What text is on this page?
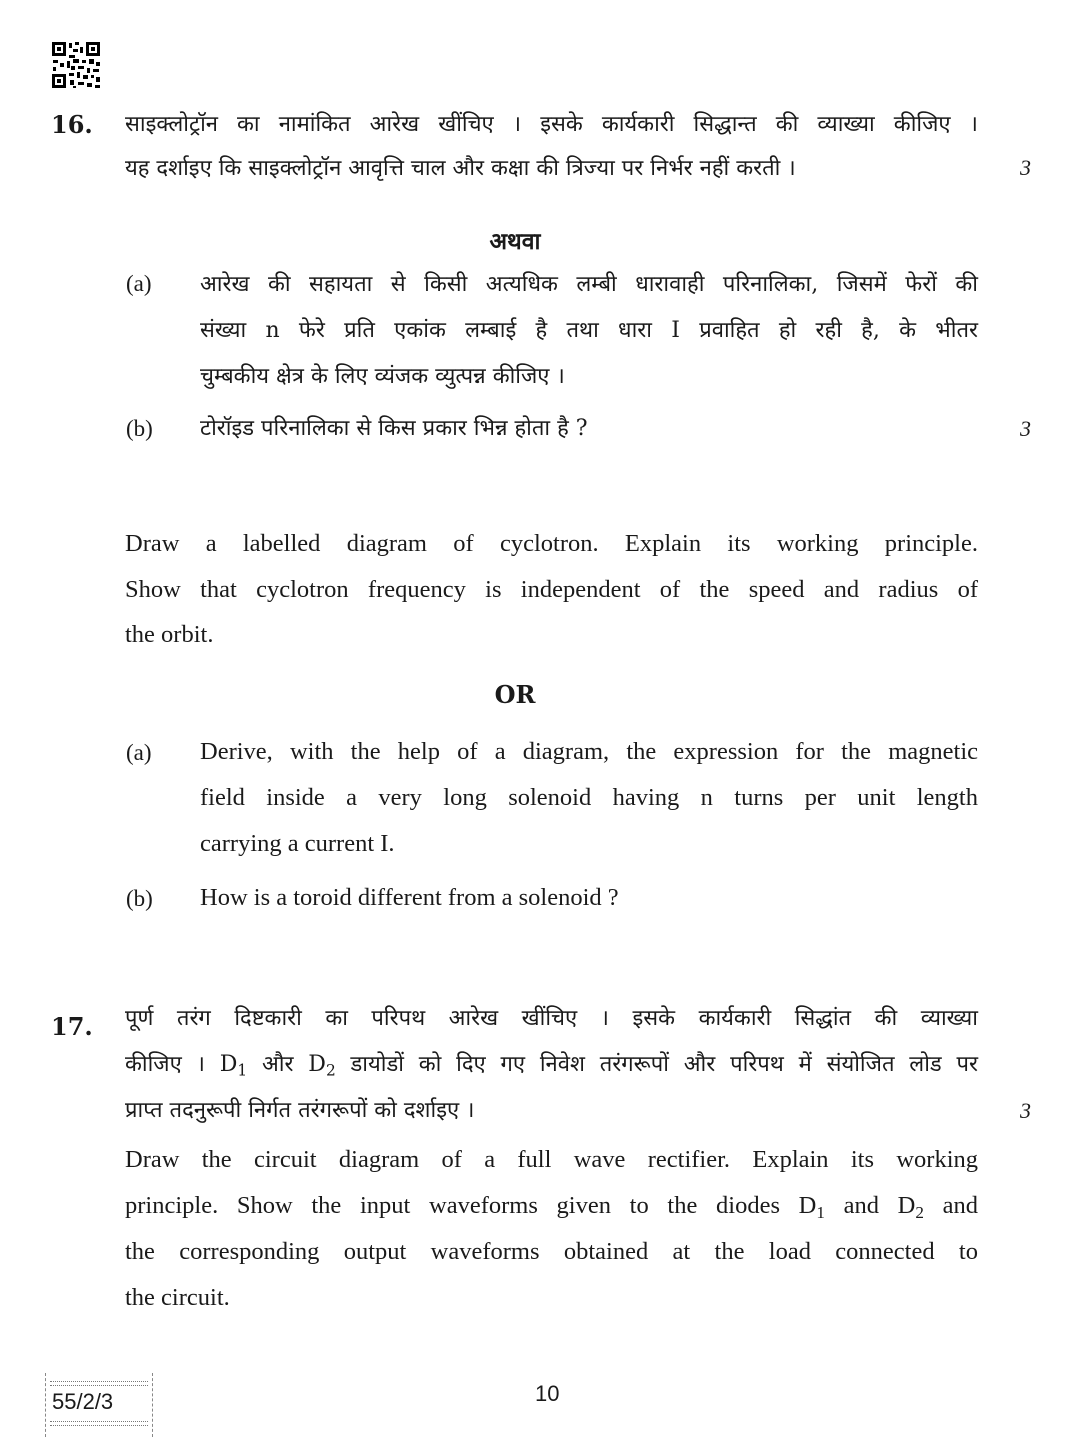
16. साइक्लोट्रॉन का नामांकित आरेख खींचिए । इसके कार्यकारी सिद्धान्त की व्याख्या कीजिए ।
यह दर्शाइए कि साइक्लोट्रॉन आवृत्ति चाल और कक्षा की त्रिज्या पर निर्भर नहीं करती ।	3
अथवा
(a) आरेख की सहायता से किसी अत्यधिक लम्बी धारावाही परिनालिका, जिसमें फेरों की
संख्या n फेरे प्रति एकांक लम्बाई है तथा धारा I प्रवाहित हो रही है, के भीतर
चुम्बकीय क्षेत्र के लिए व्यंजक व्युत्पन्न कीजिए ।
(b) टोरॉइड परिनालिका से किस प्रकार भिन्न होता है ?	3
Draw a labelled diagram of cyclotron. Explain its working principle.
Show that cyclotron frequency is independent of the speed and radius of
the orbit.
OR
(a) Derive, with the help of a diagram, the expression for the magnetic
field inside a very long solenoid having n turns per unit length
carrying a current I.
(b) How is a toroid different from a solenoid ?
17. पूर्ण तरंग दिष्टकारी का परिपथ आरेख खींचिए । इसके कार्यकारी सिद्धांत की व्याख्या
कीजिए । $D_1$ और $D_2$ डायोडों को दिए गए निवेश तरंगरूपों और परिपथ में संयोजित लोड पर
प्राप्त तदनुरूपी निर्गत तरंगरूपों को दर्शाइए ।	3
Draw the circuit diagram of a full wave rectifier. Explain its working
principle. Show the input waveforms given to the diodes $D_1$ and $D_2$ and
the corresponding output waveforms obtained at the load connected to
the circuit.
55/2/3	10
